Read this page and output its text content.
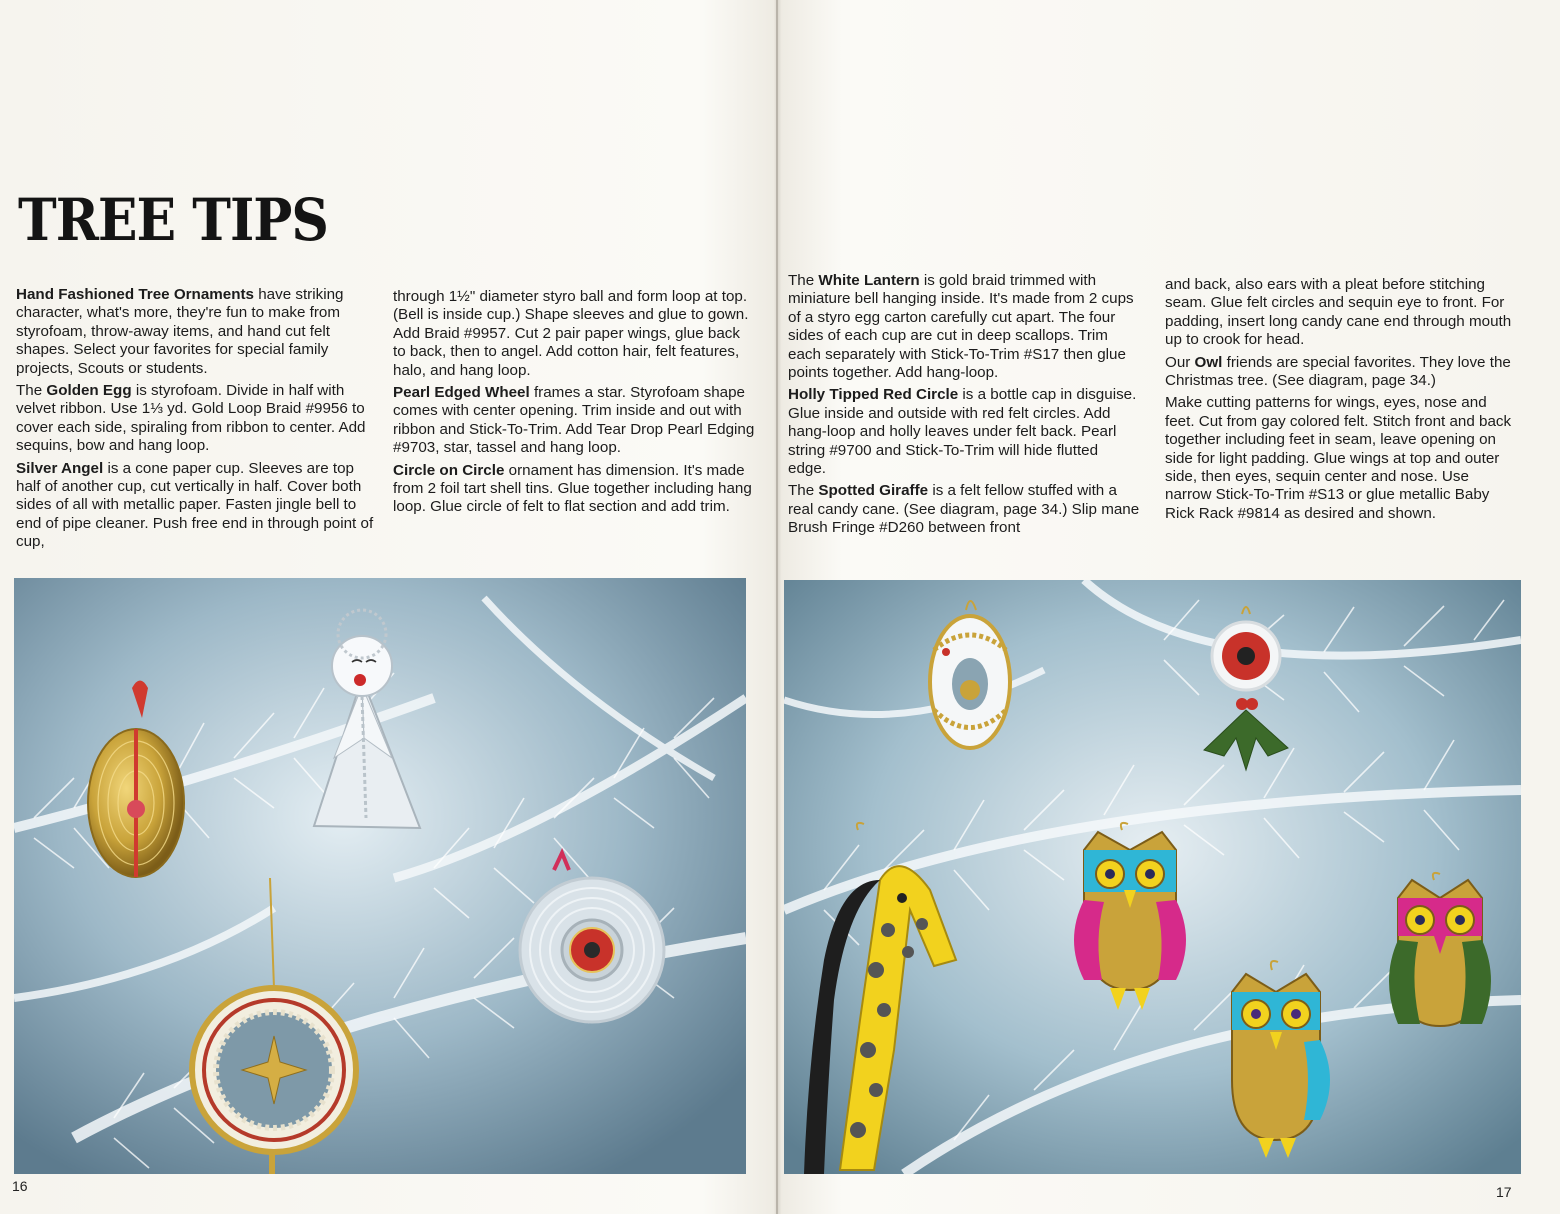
TREE TIPS

Hand Fashioned Tree Ornaments have striking character, what's more, they're fun to make from styrofoam, throw-away items, and hand cut felt shapes. Select your favorites for special family projects, Scouts or students.

The Golden Egg is styrofoam. Divide in half with velvet ribbon. Use 1⅓ yd. Gold Loop Braid #9956 to cover each side, spiraling from ribbon to center. Add sequins, bow and hang loop.

Silver Angel is a cone paper cup. Sleeves are top half of another cup, cut vertically in half. Cover both sides of all with metallic paper. Fasten jingle bell to end of pipe cleaner. Push free end in through point of cup,

through 1½" diameter styro ball and form loop at top. (Bell is inside cup.) Shape sleeves and glue to gown. Add Braid #9957. Cut 2 pair paper wings, glue back to back, then to angel. Add cotton hair, felt features, halo, and hang loop.

Pearl Edged Wheel frames a star. Styrofoam shape comes with center opening. Trim inside and out with ribbon and Stick-To-Trim. Add Tear Drop Pearl Edging #9703, star, tassel and hang loop.

Circle on Circle ornament has dimension. It's made from 2 foil tart shell tins. Glue together including hang loop. Glue circle of felt to flat section and add trim.

The White Lantern is gold braid trimmed with miniature bell hanging inside. It's made from 2 cups of a styro egg carton carefully cut apart. The four sides of each cup are cut in deep scallops. Trim each separately with Stick-To-Trim #S17 then glue points together. Add hang-loop.

Holly Tipped Red Circle is a bottle cap in disguise. Glue inside and outside with red felt circles. Add hang-loop and holly leaves under felt back. Pearl string #9700 and Stick-To-Trim will hide flutted edge.

The Spotted Giraffe is a felt fellow stuffed with a real candy cane. (See diagram, page 34.) Slip mane Brush Fringe #D260 between front

and back, also ears with a pleat before stitching seam. Glue felt circles and sequin eye to front. For padding, insert long candy cane end through mouth up to crook for head.

Our Owl friends are special favorites. They love the Christmas tree. (See diagram, page 34.)

Make cutting patterns for wings, eyes, nose and feet. Cut from gay colored felt. Stitch front and back together including feet in seam, leave opening on side for light padding. Glue wings at top and outer side, then eyes, sequin center and nose. Use narrow Stick-To-Trim #S13 or glue metallic Baby Rick Rack #9814 as desired and shown.

16	17
